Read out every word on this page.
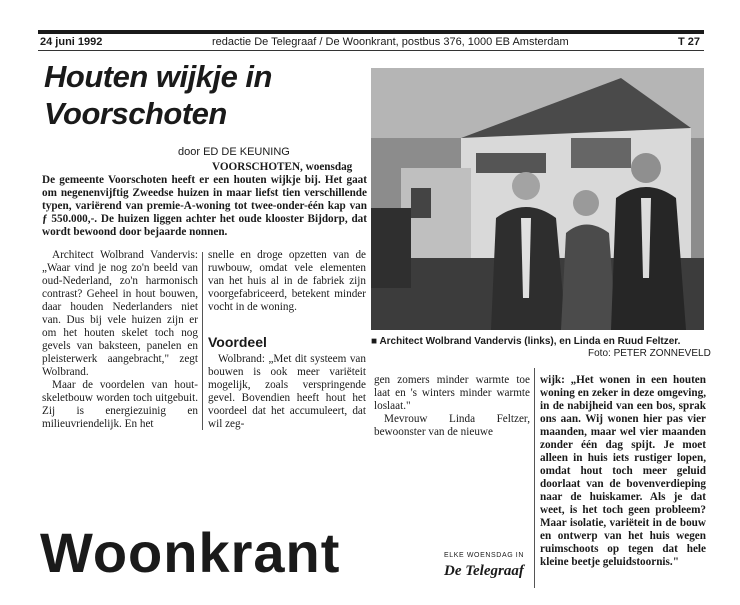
24 juni 1992	redactie De Telegraaf / De Woonkrant, postbus 376, 1000 EB Amsterdam	T 27
Houten wijkje in
Voorschoten
door ED DE KEUNING
VOORSCHOTEN, woensdag
De gemeente Voorschoten heeft er een houten wijkje bij. Het gaat om negenenvijftig Zweedse huizen in maar liefst tien verschillende typen, variërend van premie-A-woning tot twee-onder-één kap van ƒ 550.000,-. De huizen liggen achter het oude klooster Bijdorp, dat wordt bewoond door bejaarde nonnen.

Architect Wolbrand Vandervis: „Waar vind je nog zo'n beeld van oud-Nederland, zo'n harmonisch contrast? Geheel in hout bouwen, daar houden Nederlanders niet van. Dus bij vele huizen zijn er om het houten skelet toch nog gevels van baksteen, panelen en pleisterwerk aangebracht," zegt Wolbrand.

Maar de voordelen van hout-skeletbouw worden toch uitgebuit. Zij is energiezuinig en milieuvriendelijk. En het

snelle en droge opzetten van de ruwbouw, omdat vele elementen van het huis al in de fabriek zijn voorgefabriceerd, betekent minder vocht in de woning.

Voordeel

Wolbrand: „Met dit systeem van bouwen is ook meer variëteit mogelijk, zoals verspringende gevel. Bovendien heeft hout het voordeel dat het accumuleert, dat wil zeg-

■ Architect Wolbrand Vandervis (links), en Linda en Ruud Feltzer.
Foto: PETER ZONNEVELD

gen zomers minder warmte toe laat en 's winters minder warmte loslaat."

Mevrouw Linda Feltzer, bewoonster van de nieuwe

wijk: „Het wonen in een houten woning en zeker in deze omgeving, in de nabijheid van een bos, sprak ons aan. Wij wonen hier pas vier maanden, maar wel vier maanden zonder één dag spijt. Je moet alleen in huis iets rustiger lopen, omdat hout toch meer geluid doorlaat van de bovenverdieping naar de huiskamer. Als je dat weet, is het toch geen probleem? Maar isolatie, variëteit in de bouw en ontwerp van het huis wegen ruimschoots op tegen dat hele kleine beetje geluidstoornis."

Woonkrant	ELKE WOENSDAG IN
De Telegraaf
